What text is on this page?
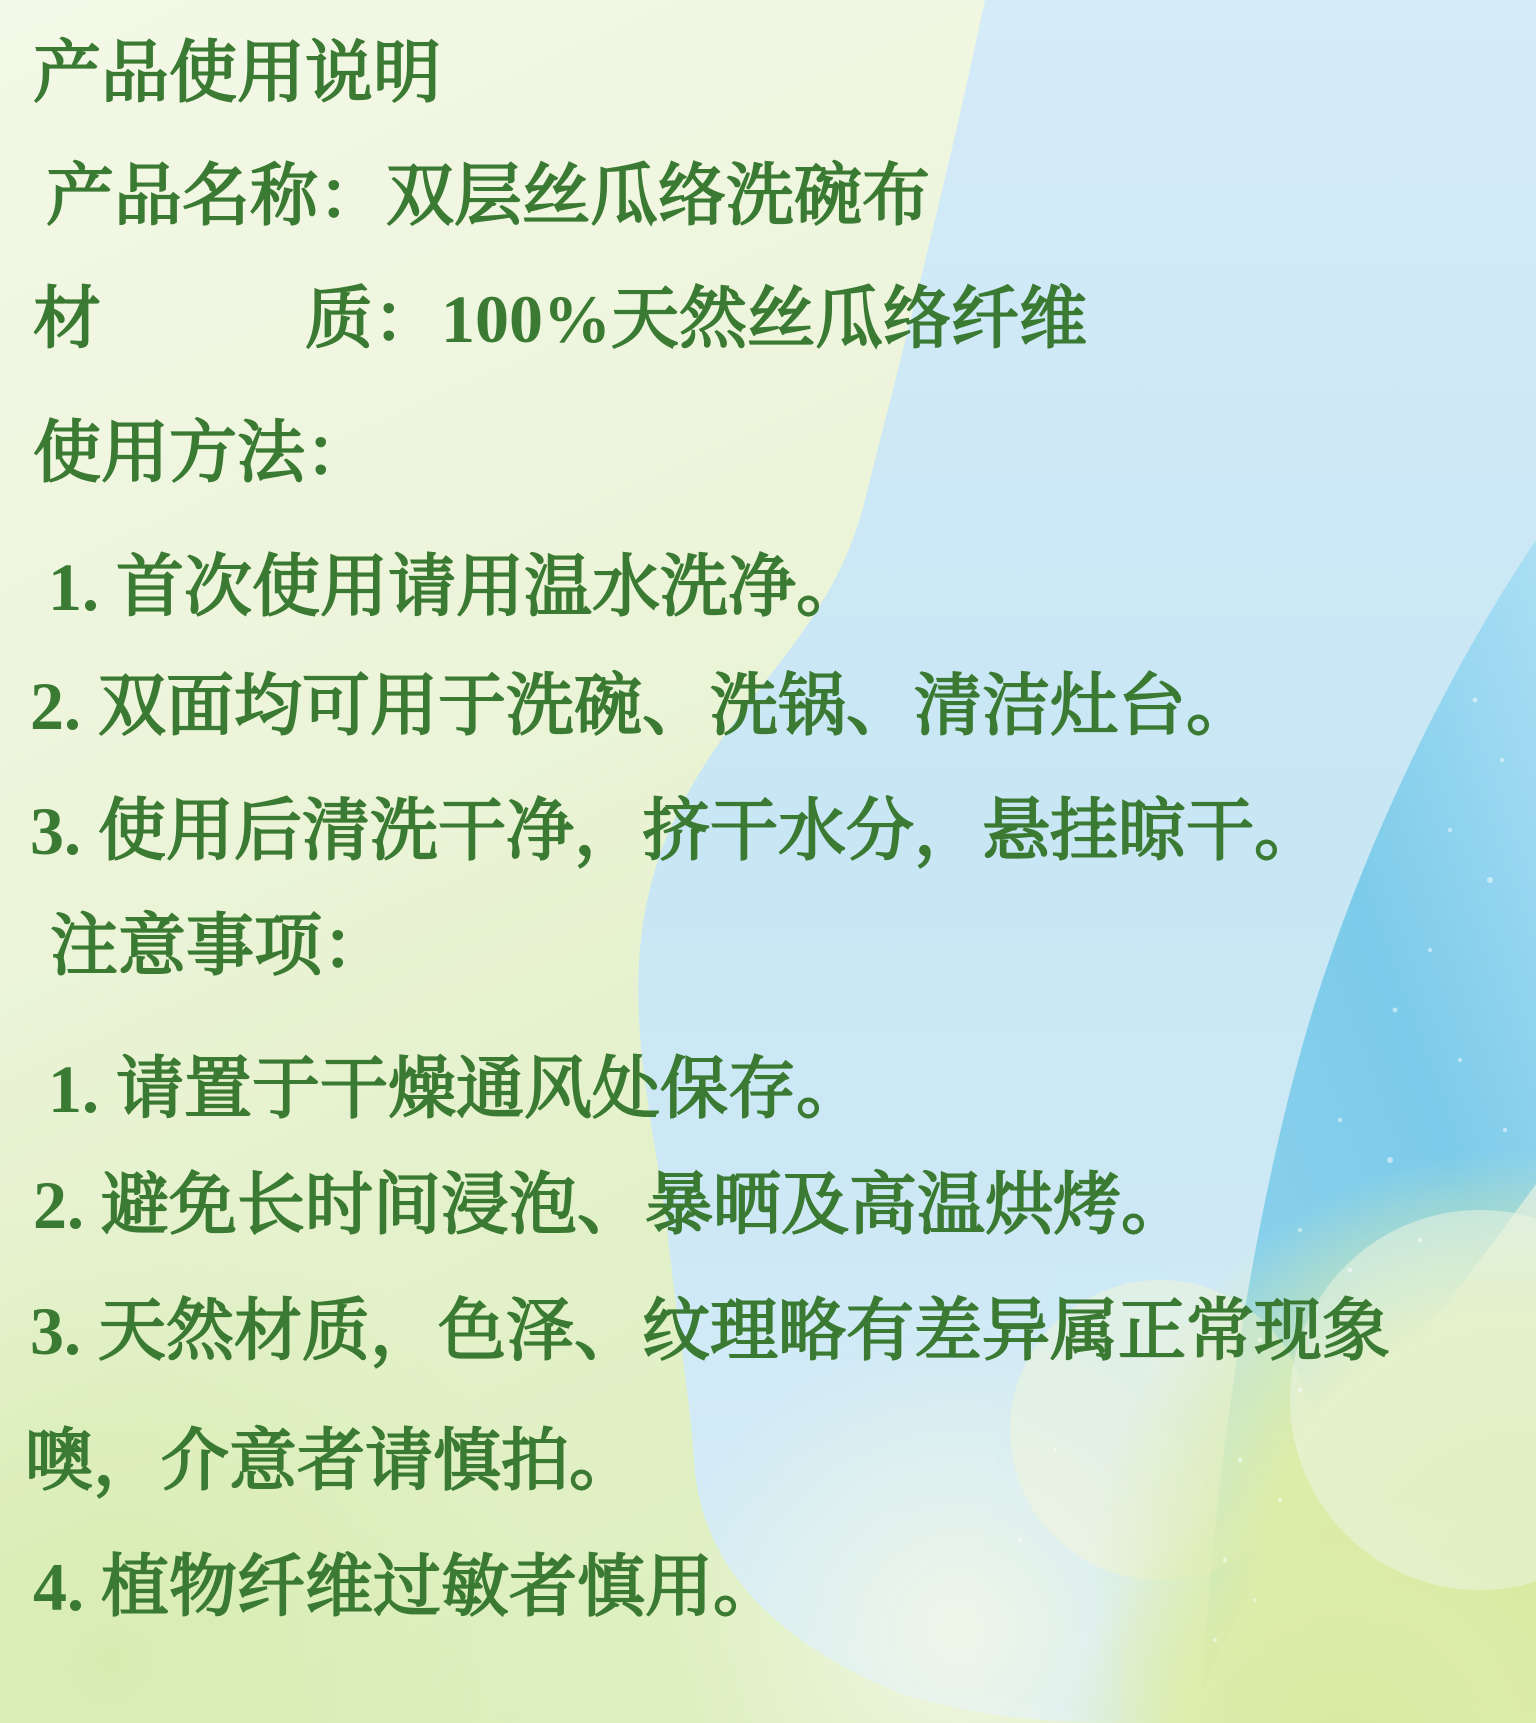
产品使用说明
产品名称：双层丝瓜络洗碗布
材　　　质：100%天然丝瓜络纤维
使用方法：
1. 首次使用请用温水洗净。
2. 双面均可用于洗碗、洗锅、清洁灶台。
3. 使用后清洗干净，挤干水分，悬挂晾干。
注意事项：
1. 请置于干燥通风处保存。
2. 避免长时间浸泡、暴晒及高温烘烤。
3. 天然材质，色泽、纹理略有差异属正常现象
噢，介意者请慎拍。
4. 植物纤维过敏者慎用。
